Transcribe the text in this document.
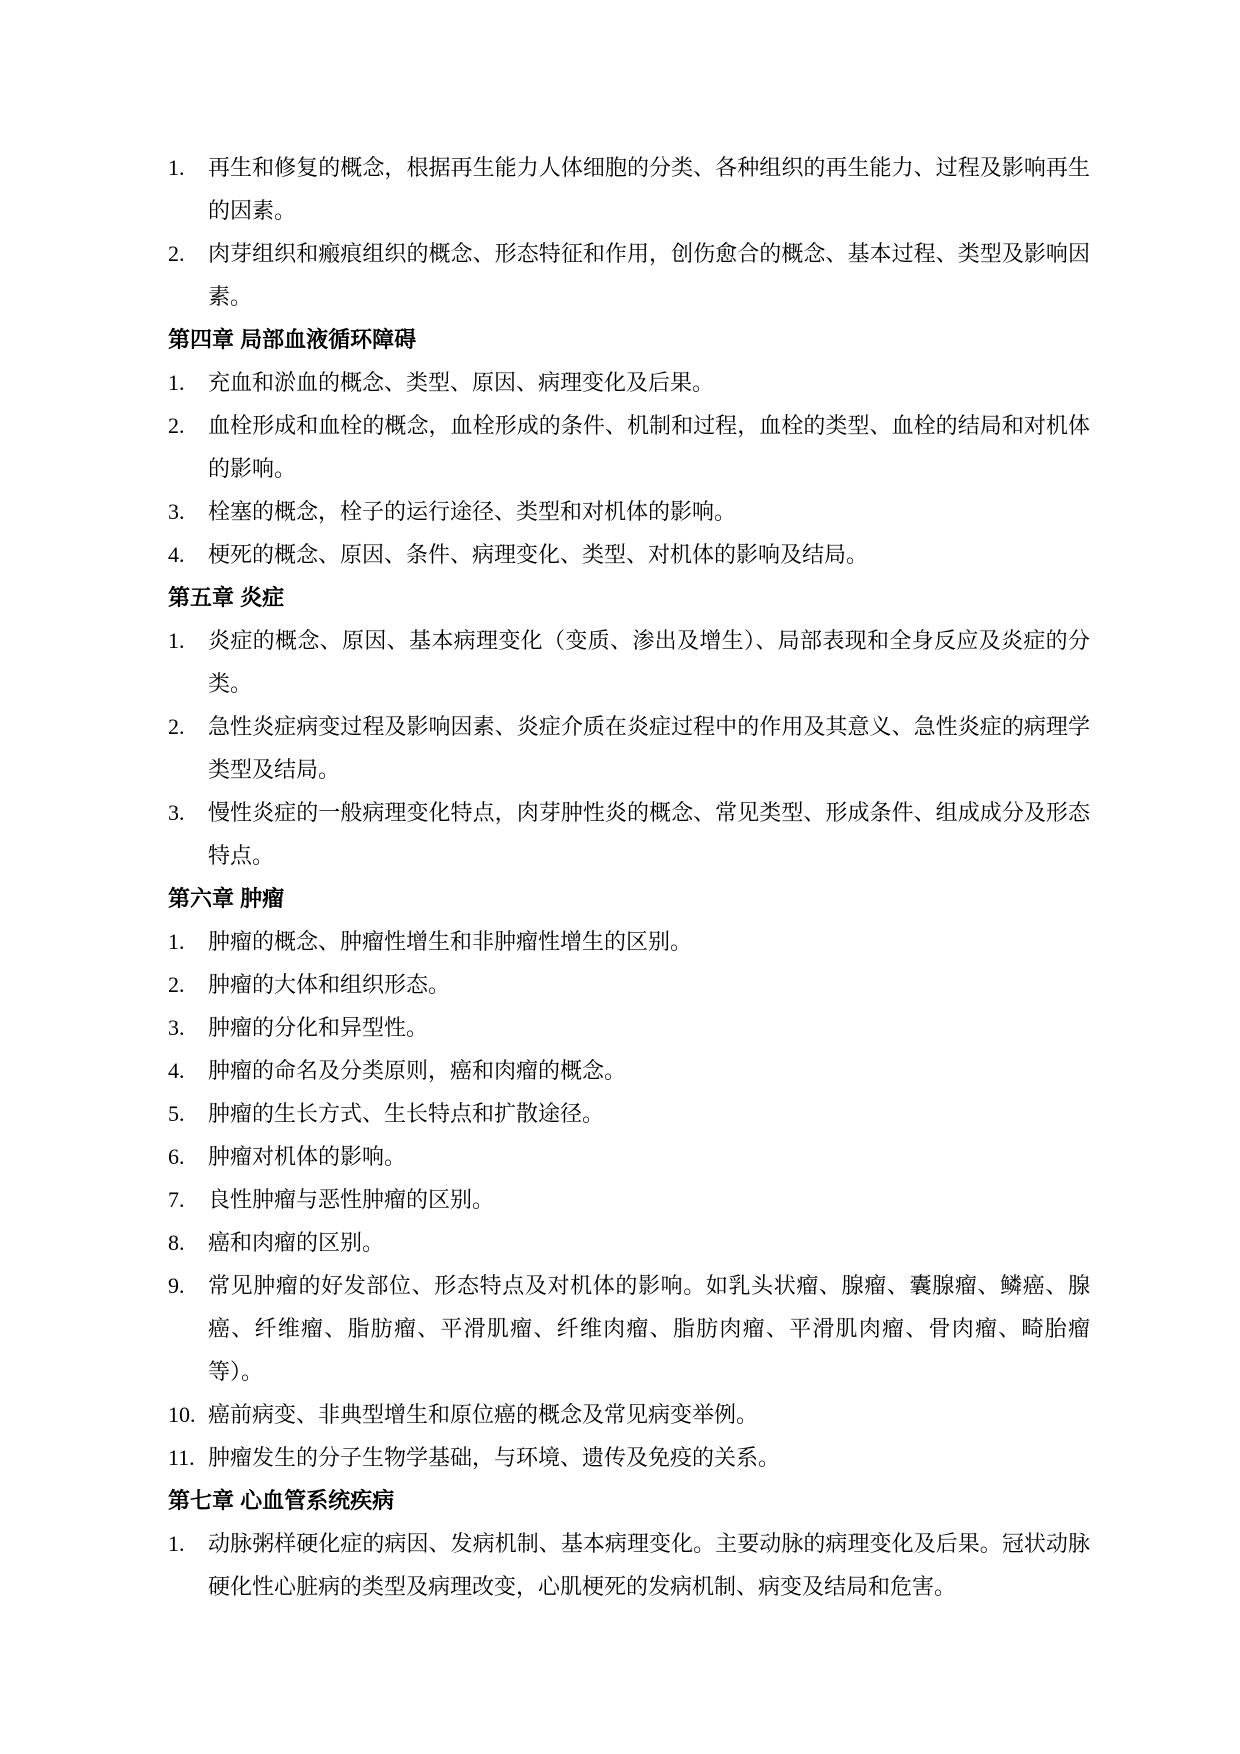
1. 再生和修复的概念，根据再生能力人体细胞的分类、各种组织的再生能力、过程及影响再生的因素。
2. 肉芽组织和瘢痕组织的概念、形态特征和作用，创伤愈合的概念、基本过程、类型及影响因素。
第四章 局部血液循环障碍
1. 充血和淤血的概念、类型、原因、病理变化及后果。
2. 血栓形成和血栓的概念，血栓形成的条件、机制和过程，血栓的类型、血栓的结局和对机体的影响。
3. 栓塞的概念，栓子的运行途径、类型和对机体的影响。
4. 梗死的概念、原因、条件、病理变化、类型、对机体的影响及结局。
第五章 炎症
1. 炎症的概念、原因、基本病理变化（变质、渗出及增生）、局部表现和全身反应及炎症的分类。
2. 急性炎症病变过程及影响因素、炎症介质在炎症过程中的作用及其意义、急性炎症的病理学类型及结局。
3. 慢性炎症的一般病理变化特点，肉芽肿性炎的概念、常见类型、形成条件、组成成分及形态特点。
第六章 肿瘤
1. 肿瘤的概念、肿瘤性增生和非肿瘤性增生的区别。
2. 肿瘤的大体和组织形态。
3. 肿瘤的分化和异型性。
4. 肿瘤的命名及分类原则，癌和肉瘤的概念。
5. 肿瘤的生长方式、生长特点和扩散途径。
6. 肿瘤对机体的影响。
7. 良性肿瘤与恶性肿瘤的区别。
8. 癌和肉瘤的区别。
9. 常见肿瘤的好发部位、形态特点及对机体的影响。如乳头状瘤、腺瘤、囊腺瘤、鳞癌、腺癌、纤维瘤、脂肪瘤、平滑肌瘤、纤维肉瘤、脂肪肉瘤、平滑肌肉瘤、骨肉瘤、畸胎瘤等）。
10. 癌前病变、非典型增生和原位癌的概念及常见病变举例。
11. 肿瘤发生的分子生物学基础，与环境、遗传及免疫的关系。
第七章 心血管系统疾病
1. 动脉粥样硬化症的病因、发病机制、基本病理变化。主要动脉的病理变化及后果。冠状动脉硬化性心脏病的类型及病理改变，心肌梗死的发病机制、病变及结局和危害。
